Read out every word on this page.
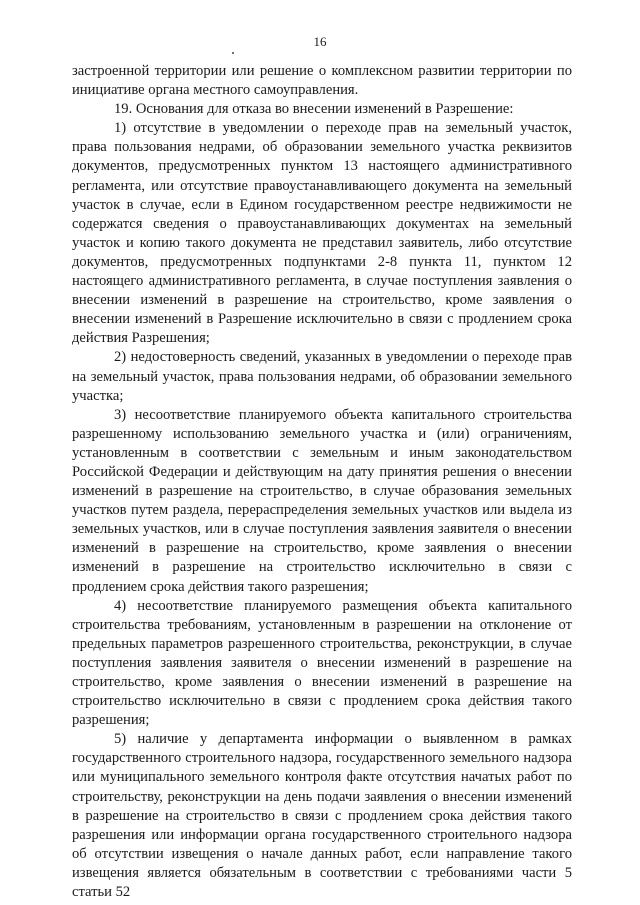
16

застроенной территории или решение о комплексном развитии территории по инициативе органа местного самоуправления.

19. Основания для отказа во внесении изменений в Разрешение:

1) отсутствие в уведомлении о переходе прав на земельный участок, права пользования недрами, об образовании земельного участка реквизитов документов, предусмотренных пунктом 13 настоящего административного регламента, или отсутствие правоустанавливающего документа на земельный участок в случае, если в Едином государственном реестре недвижимости не содержатся сведения о правоустанавливающих документах на земельный участок и копию такого документа не представил заявитель, либо отсутствие документов, предусмотренных подпунктами 2-8 пункта 11, пунктом 12 настоящего административного регламента, в случае поступления заявления о внесении изменений в разрешение на строительство, кроме заявления о внесении изменений в Разрешение исключительно в связи с продлением срока действия Разрешения;

2) недостоверность сведений, указанных в уведомлении о переходе прав на земельный участок, права пользования недрами, об образовании земельного участка;

3) несоответствие планируемого объекта капитального строительства разрешенному использованию земельного участка и (или) ограничениям, установленным в соответствии с земельным и иным законодательством Российской Федерации и действующим на дату принятия решения о внесении изменений в разрешение на строительство, в случае образования земельных участков путем раздела, перераспределения земельных участков или выдела из земельных участков, или в случае поступления заявления заявителя о внесении изменений в разрешение на строительство, кроме заявления о внесении изменений в разрешение на строительство исключительно в связи с продлением срока действия такого разрешения;

4) несоответствие планируемого размещения объекта капитального строительства требованиям, установленным в разрешении на отклонение от предельных параметров разрешенного строительства, реконструкции, в случае поступления заявления заявителя о внесении изменений в разрешение на строительство, кроме заявления о внесении изменений в разрешение на строительство исключительно в связи с продлением срока действия такого разрешения;

5) наличие у департамента информации о выявленном в рамках государственного строительного надзора, государственного земельного надзора или муниципального земельного контроля факте отсутствия начатых работ по строительству, реконструкции на день подачи заявления о внесении изменений в разрешение на строительство в связи с продлением срока действия такого разрешения или информации органа государственного строительного надзора об отсутствии извещения о начале данных работ, если направление такого извещения является обязательным в соответствии с требованиями части 5 статьи 52
